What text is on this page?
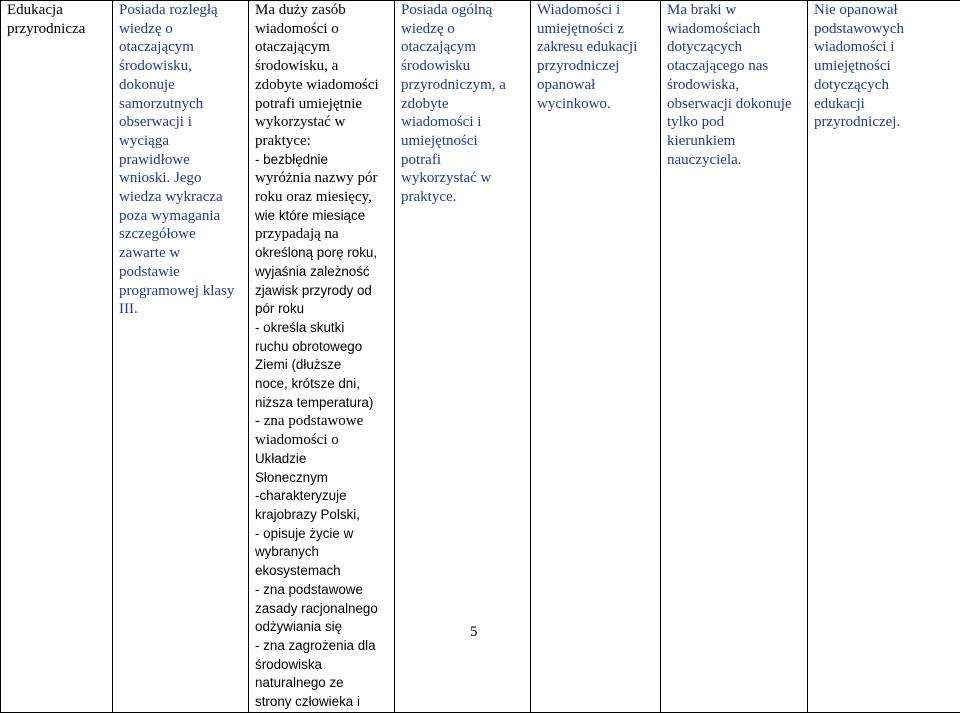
Edukacja
przyrodnicza

Posiada rozległą
wiedzę o
otaczającym
środowisku,
dokonuje
samorzutnych
obserwacji i
wyciąga
prawidłowe
wnioski. Jego
wiedza wykracza
poza wymagania
szczegółowe
zawarte w
podstawie
programowej klasy
III.

Ma duży zasób
wiadomości o
otaczającym
środowisku, a
zdobyte wiadomości
potrafi umiejętnie
wykorzystać w
praktyce:
- bezbłędnie
wyróżnia nazwy pór
roku oraz miesięcy,
wie które miesiące
przypadają na
określoną porę roku,
wyjaśnia zależność
zjawisk przyrody od
pór roku
- określa skutki
ruchu obrotowego
Ziemi (dłuższe
noce, krótsze dni,
niższa temperatura)
- zna podstawowe
wiadomości o
Układzie
Słonecznym
-charakteryzuje
krajobrazy Polski,
- opisuje życie w
wybranych
ekosystemach
- zna podstawowe
zasady racjonalnego
odżywiania się
- zna zagrożenia dla
środowiska
naturalnego ze
strony człowieka i

Posiada ogólną
wiedzę o
otaczającym
środowisku
przyrodniczym, a
zdobyte
wiadomości i
umiejętności
potrafi
wykorzystać w
praktyce.

Wiadomości i
umiejętności z
zakresu edukacji
przyrodniczej
opanował
wycinkowo.

Ma braki w
wiadomościach
dotyczących
otaczającego nas
środowiska,
obserwacji dokonuje
tylko pod
kierunkiem
nauczyciela.

Nie opanował
podstawowych
wiadomości i
umiejętności
dotyczących
edukacji
przyrodniczej.
5
